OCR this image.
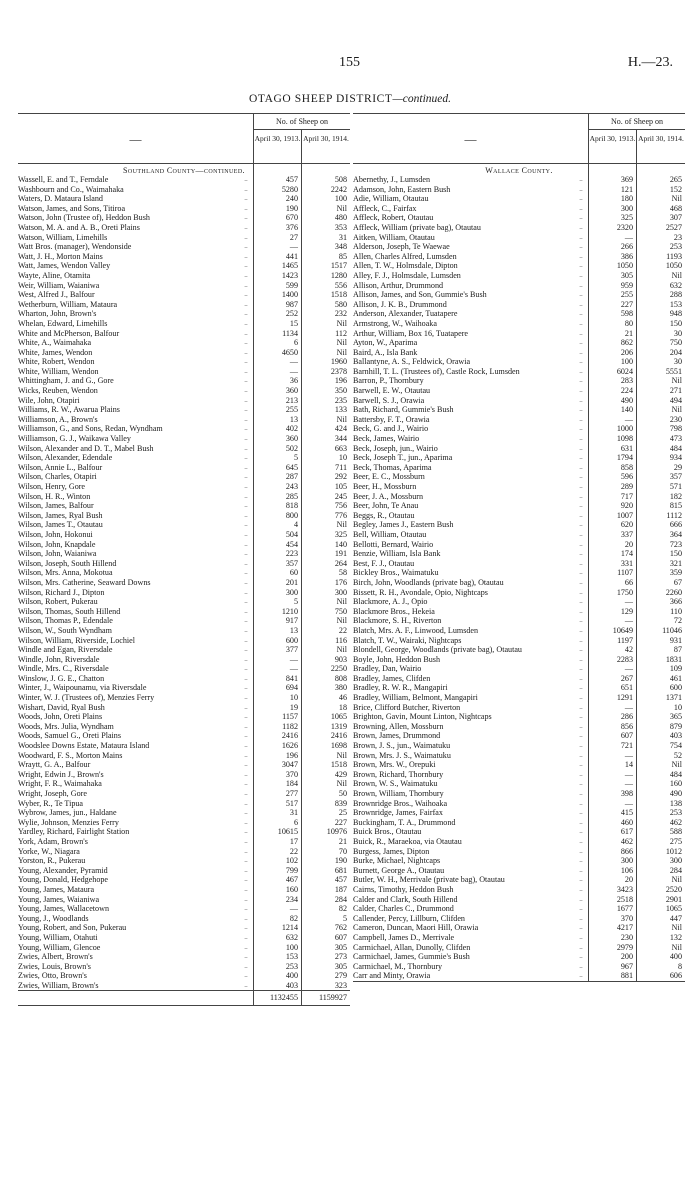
155	H.—23.
OTAGO SHEEP DISTRICT—continued.
—
No. of Sheep on
April 30, 1913. April 30, 1914.
Southland County—continued.
Wassell, E. and T., Ferndale	..	457	508
Washbourn and Co., Waimahaka	..	5280	2242
Waters, D. Mataura Island	..	240	100
Watson, James, and Sons, Titiroa	..	190	Nil
Watson, John (Trustee of), Heddon Bush	..	670	480
Watson, M. A. and A. B., Oreti Plains	..	376	353
Watson, William, Limehills	..	27	31
Watt Bros. (manager), Wendonside	..	—	348
Watt, J. H., Morton Mains	..	441	85
Watt, James, Wendon Valley	..	1465	1517
Wayte, Aline, Otamita	..	1423	1280
Weir, William, Waianiwa	..	599	556
West, Alfred J., Balfour	..	1400	1518
Wetherburn, William, Mataura	..	987	580
Wharton, John, Brown's	..	252	232
Whelan, Edward, Limehills	..	15	Nil
White and McPherson, Balfour	..	1134	112
White, A., Waimahaka	..	6	Nil
White, James, Wendon	..	4650	Nil
White, Robert, Wendon	..	—	1960
White, William, Wendon	..	—	2378
Whittingham, J. and G., Gore	..	36	196
Wicks, Reuben, Wendon	..	360	350
Wile, John, Otapiri	..	213	235
Williams, R. W., Awarua Plains	..	255	133
Williamson, A., Brown's	..	13	Nil
Williamson, G., and Sons, Redan, Wyndham	..	402	424
Williamson, G. J., Waikawa Valley	..	360	344
Wilson, Alexander and D. T., Mabel Bush	..	502	663
Wilson, Alexander, Edendale	..	5	10
Wilson, Annie L., Balfour	..	645	711
Wilson, Charles, Otapiri	..	287	292
Wilson, Henry, Gore	..	243	105
Wilson, H. R., Winton	..	285	245
Wilson, James, Balfour	..	818	756
Wilson, James, Ryal Bush	..	800	776
Wilson, James T., Otautau	..	4	Nil
Wilson, John, Hokonui	..	504	325
Wilson, John, Knapdale	..	454	140
Wilson, John, Waianiwa	..	223	191
Wilson, Joseph, South Hillend	..	357	264
Wilson, Mrs. Anna, Mokotua	..	60	58
Wilson, Mrs. Catherine, Seaward Downs	..	201	176
Wilson, Richard J., Dipton	..	300	300
Wilson, Robert, Pukerau	..	5	Nil
Wilson, Thomas, South Hillend	..	1210	750
Wilson, Thomas P., Edendale	..	917	Nil
Wilson, W., South Wyndham	..	13	22
Wilson, William, Riverside, Lochiel	..	600	116
Windle and Egan, Riversdale	..	377	Nil
Windle, John, Riversdale	..	—	903
Windle, Mrs. C., Riversdale	..	—	2250
Winslow, J. G. E., Chatton	..	841	808
Winter, J., Waipounamu, via Riversdale	..	694	380
Winter, W. J. (Trustees of), Menzies Ferry	..	10	46
Wishart, David, Ryal Bush	..	19	18
Woods, John, Oreti Plains	..	1157	1065
Woods, Mrs. Julia, Wyndham	..	1182	1319
Woods, Samuel G., Oreti Plains	..	2416	2416
Woodslee Downs Estate, Mataura Island	..	1626	1698
Woodward, F. S., Morton Mains	..	196	Nil
Wraytt, G. A., Balfour	..	3047	1518
Wright, Edwin J., Brown's	..	370	429
Wright, F. R., Waimahaka	..	184	Nil
Wright, Joseph, Gore	..	277	50
Wyber, R., Te Tipua	..	517	839
Wybrow, James, jun., Haldane	..	31	25
Wylie, Johnson, Menzies Ferry	..	6	227
Yardley, Richard, Fairlight Station	..	10615	10976
York, Adam, Brown's	..	17	21
Yorke, W., Niagara	..	22	70
Yorston, R., Pukerau	..	102	190
Young, Alexander, Pyramid	..	799	681
Young, Donald, Hedgehope	..	467	457
Young, James, Mataura	..	160	187
Young, James, Waianiwa	..	234	284
Young, James, Wallacetown	..	—	82
Young, J., Woodlands	..	82	5
Young, Robert, and Son, Pukerau	..	1214	762
Young, William, Otahuti	..	632	607
Young, William, Glencoe	..	100	305
Zwies, Albert, Brown's	..	153	273
Zwies, Louis, Brown's	..	253	305
Zwies, Otto, Brown's	..	400	279
Zwies, William, Brown's	..	403	323
1132455	1159927
—
No. of Sheep on
April 30, 1913. April 30, 1914.
Wallace County.
Abernethy, J., Lumsden	..	369	265
Adamson, John, Eastern Bush	..	121	152
Adie, William, Otautau	..	180	Nil
Affleck, C., Fairfax	..	300	468
Affleck, Robert, Otautau	..	325	307
Affleck, William (private bag), Otautau	..	2320	2527
Aitken, William, Otautau	..	—	23
Alderson, Joseph, Te Waewae	..	266	253
Allen, Charles Alfred, Lumsden	..	386	1193
Allen, T. W., Holmsdale, Dipton	..	1050	1050
Alley, F. J., Holmsdale, Lumsden	..	305	Nil
Allison, Arthur, Drummond	..	959	632
Allison, James, and Son, Gummie's Bush	..	255	288
Allison, J. K. B., Drummond	..	227	153
Anderson, Alexander, Tuatapere	..	598	948
Armstrong, W., Waihoaka	..	80	150
Arthur, William, Box 16, Tuatapere	..	21	30
Ayton, W., Aparima	..	862	750
Baird, A., Isla Bank	..	206	204
Ballantyne, A. S., Feldwick, Orawia	..	100	30
Barnhill, T. L. (Trustees of), Castle Rock, Lumsden	..	6024	5551
Barron, P., Thornbury	..	283	Nil
Barwell, E. W., Otautau	..	224	271
Barwell, S. J., Orawia	..	490	494
Bath, Richard, Gummie's Bush	..	140	Nil
Battersby, F. T., Orawia	..	—	230
Beck, G. and J., Wairio	..	1000	798
Beck, James, Wairio	..	1098	473
Beck, Joseph, jun., Wairio	..	631	484
Beck, Joseph T., jun., Aparima	..	1794	934
Beck, Thomas, Aparima	..	858	29
Beer, E. C., Mossburn	..	596	357
Beer, H., Mossburn	..	289	571
Beer, J. A., Mossburn	..	717	182
Beer, John, Te Anau	..	920	815
Beggs, R., Otautau	..	1007	1112
Begley, James J., Eastern Bush	..	620	666
Bell, William, Otautau	..	337	364
Bellotti, Bernard, Wairio	..	20	723
Benzie, William, Isla Bank	..	174	150
Best, F. J., Otautau	..	331	321
Bickley Bros., Waimatuku	..	1107	359
Birch, John, Woodlands (private bag), Otautau	..	66	67
Bissett, R. H., Avondale, Opio, Nightcaps	..	1750	2260
Blackmore, A. J., Opio	..	—	366
Blackmore Bros., Hekeia	..	129	110
Blackmore, S. H., Riverton	..	—	72
Blatch, Mrs. A. F., Linwood, Lumsden	..	10649	11046
Blatch, T. W., Wairaki, Nightcaps	..	1197	931
Blondell, George, Woodlands (private bag), Otautau	..	42	87
Boyle, John, Heddon Bush	..	2283	1831
Bradley, Dan, Wairio	..	—	109
Bradley, James, Clifden	..	267	461
Bradley, R. W. R., Mangapiri	..	651	600
Bradley, William, Belmont, Mangapiri	..	1291	1371
Brice, Clifford Butcher, Riverton	..	—	10
Brighton, Gavin, Mount Linton, Nightcaps	..	286	365
Browning, Allen, Mossburn	..	856	879
Brown, James, Drummond	..	607	403
Brown, J. S., jun., Waimatuku	..	721	754
Brown, Mrs. J. S., Waimatuku	..	—	52
Brown, Mrs. W., Orepuki	..	14	Nil
Brown, Richard, Thornbury	..	—	484
Brown, W. S., Waimatuku	..	—	160
Brown, William, Thornbury	..	398	490
Brownridge Bros., Waihoaka	..	—	138
Brownridge, James, Fairfax	..	415	253
Buckingham, T. A., Drummond	..	460	462
Buick Bros., Otautau	..	617	588
Buick, R., Maraekoa, via Otautau	..	462	275
Burgess, James, Dipton	..	866	1012
Burke, Michael, Nightcaps	..	300	300
Burnett, George A., Otautau	..	106	284
Butler, W. H., Merrivale (private bag), Otautau	..	20	Nil
Cairns, Timothy, Heddon Bush	..	3423	2520
Calder and Clark, South Hillend	..	2518	2901
Calder, Charles C., Drummond	..	1677	1065
Callender, Percy, Lillburn, Clifden	..	370	447
Cameron, Duncan, Maori Hill, Orawia	..	4217	Nil
Campbell, James D., Merrivale	..	230	132
Carmichael, Allan, Dunolly, Clifden	..	2979	Nil
Carmichael, James, Gummie's Bush	..	200	400
Carmichael, M., Thornbury	..	967	8
Carr and Minty, Orawia	..	881	606
